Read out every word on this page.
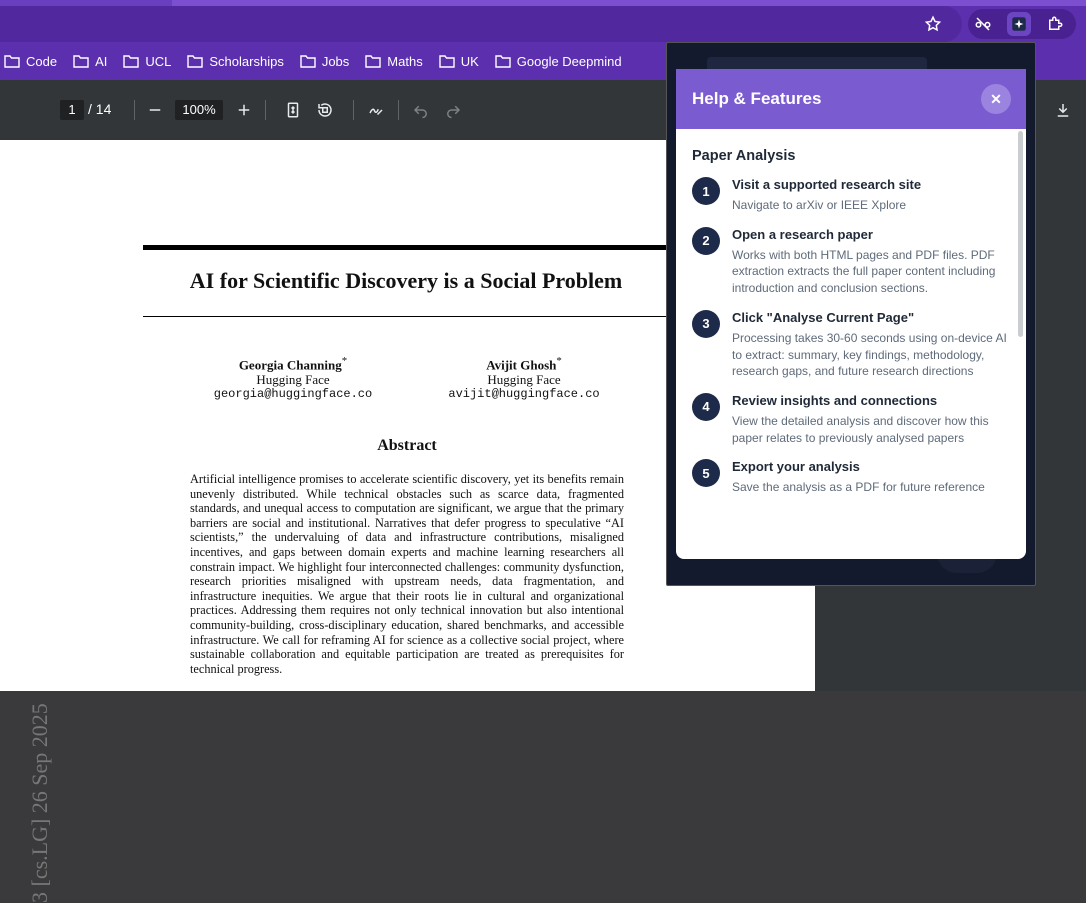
Code	AI	UCL	Scholarships	Jobs	Maths	UK	Google Deepmind
1 / 14	100%
3 [cs.LG] 26 Sep 2025
AI for Scientific Discovery is a Social Problem
Georgia Channing*
Hugging Face
georgia@huggingface.co
Avijit Ghosh*
Hugging Face
avijit@huggingface.co
Abstract
Artificial intelligence promises to accelerate scientific discovery, yet its benefits remain unevenly distributed. While technical obstacles such as scarce data, fragmented standards, and unequal access to computation are significant, we argue that the primary barriers are social and institutional. Narratives that defer progress to speculative “AI scientists,” the undervaluing of data and infrastructure contributions, misaligned incentives, and gaps between domain experts and machine learning researchers all constrain impact. We highlight four interconnected challenges: community dysfunction, research priorities misaligned with upstream needs, data fragmentation, and infrastructure inequities. We argue that their roots lie in cultural and organizational practices. Addressing them requires not only technical innovation but also intentional community-building, cross-disciplinary education, shared benchmarks, and accessible infrastructure. We call for reframing AI for science as a collective social project, where sustainable collaboration and equitable participation are treated as prerequisites for technical progress.
Help & Features	✕
Paper Analysis
1	Visit a supported research site
Navigate to arXiv or IEEE Xplore
2	Open a research paper
Works with both HTML pages and PDF files. PDF extraction extracts the full paper content including introduction and conclusion sections.
3	Click "Analyse Current Page"
Processing takes 30-60 seconds using on-device AI to extract: summary, key findings, methodology, research gaps, and future research directions
4	Review insights and connections
View the detailed analysis and discover how this paper relates to previously analysed papers
5	Export your analysis
Save the analysis as a PDF for future reference
